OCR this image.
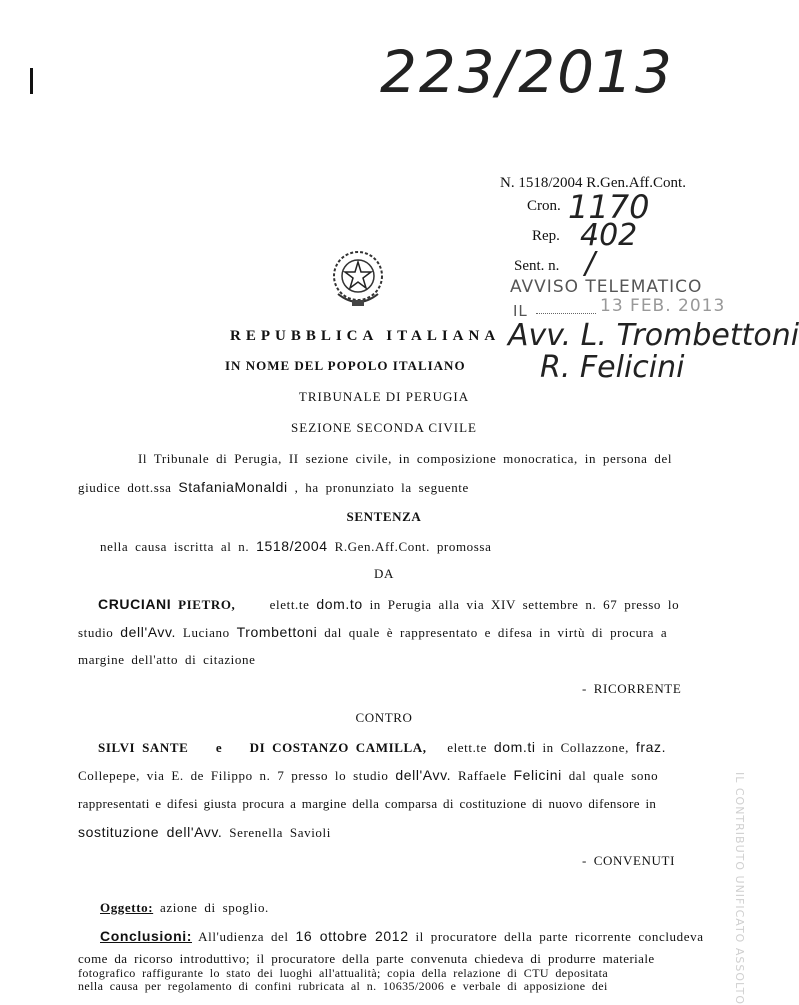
223/2013
N. 1518/2004 R.Gen.Aff.Cont.
Cron. 1170
Rep. 402
Sent. n. /
AVVISO TELEMATICO
IL	13 FEB. 2013
Avv. L. Trombettoni
R. Felicini
REPUBBLICA ITALIANA
IN NOME DEL POPOLO ITALIANO
TRIBUNALE DI PERUGIA
SEZIONE SECONDA CIVILE
Il Tribunale di Perugia, II sezione civile, in composizione monocratica, in persona del
giudice dott.ssa StafaniaMonaldi , ha pronunziato la seguente
SENTENZA
nella causa iscritta al n. 1518/2004 R.Gen.Aff.Cont. promossa
DA
CRUCIANI PIETRO,	elett.te dom.to in Perugia alla via XIV settembre n. 67 presso lo
studio dell'Avv. Luciano Trombettoni dal quale è rappresentato e difesa in virtù di procura a
margine dell'atto di citazione
- RICORRENTE
CONTRO
SILVI SANTE e DI COSTANZO CAMILLA, elett.te dom.ti in Collazzone, fraz.
Collepepe, via E. de Filippo n. 7 presso lo studio dell'Avv. Raffaele Felicini dal quale sono
rappresentati e difesi giusta procura a margine della comparsa di costituzione di nuovo difensore in
sostituzione dell'Avv. Serenella Savioli
- CONVENUTI
Oggetto: azione di spoglio.
Conclusioni: All'udienza del 16 ottobre 2012 il procuratore della parte ricorrente concludeva
come da ricorso introduttivo; il procuratore della parte convenuta chiedeva di produrre materiale
fotografico raffigurante lo stato dei luoghi all'attualità; copia della relazione di CTU depositata
nella causa per regolamento di confini rubricata al n. 10635/2006 e verbale di apposizione dei	IL CONTRIBUTO UNIFICATO ASSOLTO
